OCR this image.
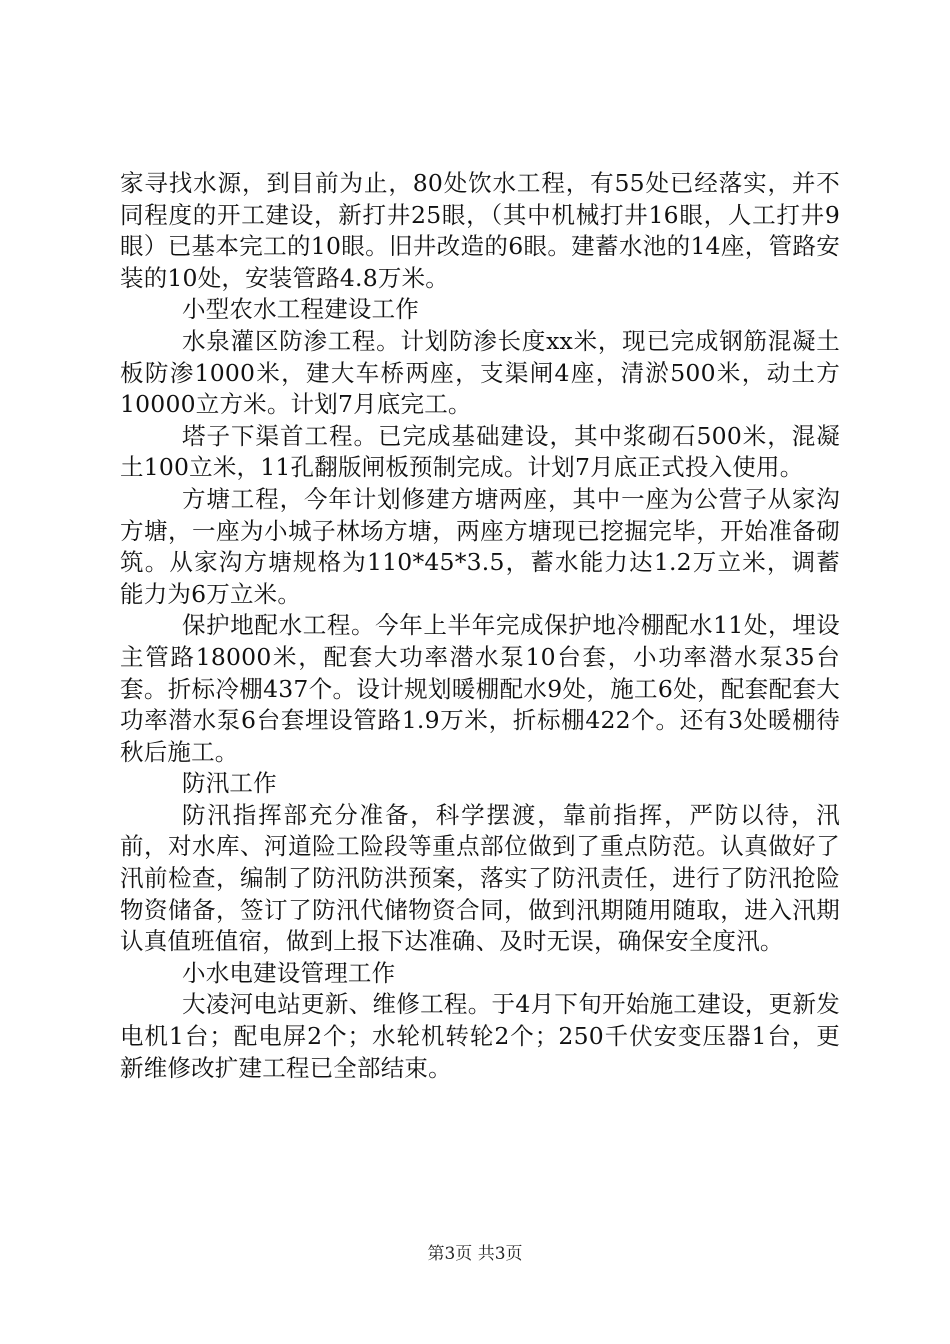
家寻找水源，到目前为止，80处饮水工程，有55处已经落实，并不同程度的开工建设，新打井25眼，（其中机械打井16眼，人工打井9眼）已基本完工的10眼。旧井改造的6眼。建蓄水池的14座，管路安装的10处，安装管路4.8万米。

小型农水工程建设工作

水泉灌区防渗工程。计划防渗长度xx米，现已完成钢筋混凝土板防渗1000米，建大车桥两座，支渠闸4座，清淤500米，动土方10000立方米。计划7月底完工。

塔子下渠首工程。已完成基础建设，其中浆砌石500米，混凝土100立米，11孔翻版闸板预制完成。计划7月底正式投入使用。

方塘工程，今年计划修建方塘两座，其中一座为公营子从家沟方塘，一座为小城子林场方塘，两座方塘现已挖掘完毕，开始准备砌筑。从家沟方塘规格为110*45*3.5，蓄水能力达1.2万立米，调蓄能力为6万立米。

保护地配水工程。今年上半年完成保护地冷棚配水11处，埋设主管路18000米，配套大功率潜水泵10台套，小功率潜水泵35台套。折标冷棚437个。设计规划暖棚配水9处，施工6处，配套配套大功率潜水泵6台套埋设管路1.9万米，折标棚422个。还有3处暖棚待秋后施工。

防汛工作

防汛指挥部充分准备，科学摆渡，靠前指挥，严防以待，汛前，对水库、河道险工险段等重点部位做到了重点防范。认真做好了汛前检查，编制了防汛防洪预案，落实了防汛责任，进行了防汛抢险物资储备，签订了防汛代储物资合同，做到汛期随用随取，进入汛期认真值班值宿，做到上报下达准确、及时无误，确保安全度汛。

小水电建设管理工作

大凌河电站更新、维修工程。于4月下旬开始施工建设，更新发电机1台；配电屏2个；水轮机转轮2个；250千伏安变压器1台，更新维修改扩建工程已全部结束。

第3页 共3页
